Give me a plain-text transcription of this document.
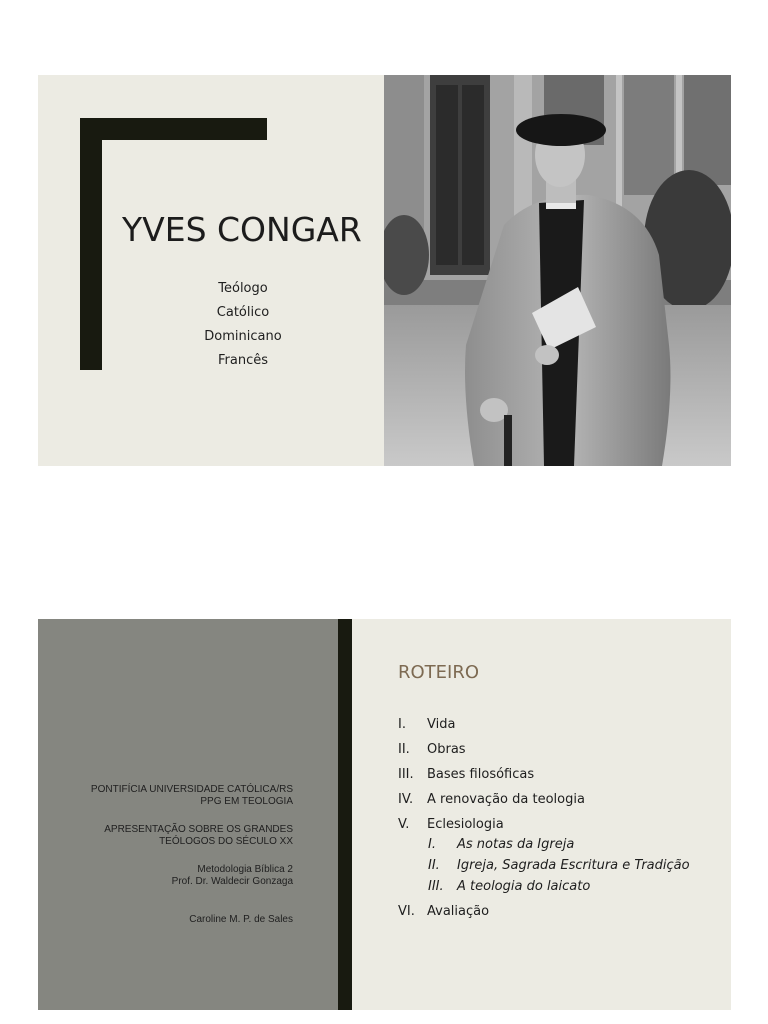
YVES CONGAR
Teólogo
Católico
Dominicano
Francês
PONTIFÍCIA UNIVERSIDADE CATÓLICA/RS
PPG EM TEOLOGIA
APRESENTAÇÃO SOBRE OS GRANDES
TEÓLOGOS DO SÉCULO XX
Metodologia Bíblica 2
Prof. Dr. Waldecir Gonzaga
Caroline M. P. de Sales
ROTEIRO
I.	Vida
II.	Obras
III.	Bases filosóficas
IV.	A renovação da teologia
V.	Eclesiologia
I. As notas da Igreja
II. Igreja, Sagrada Escritura e Tradição
III. A teologia do laicato
VI. Avaliação
